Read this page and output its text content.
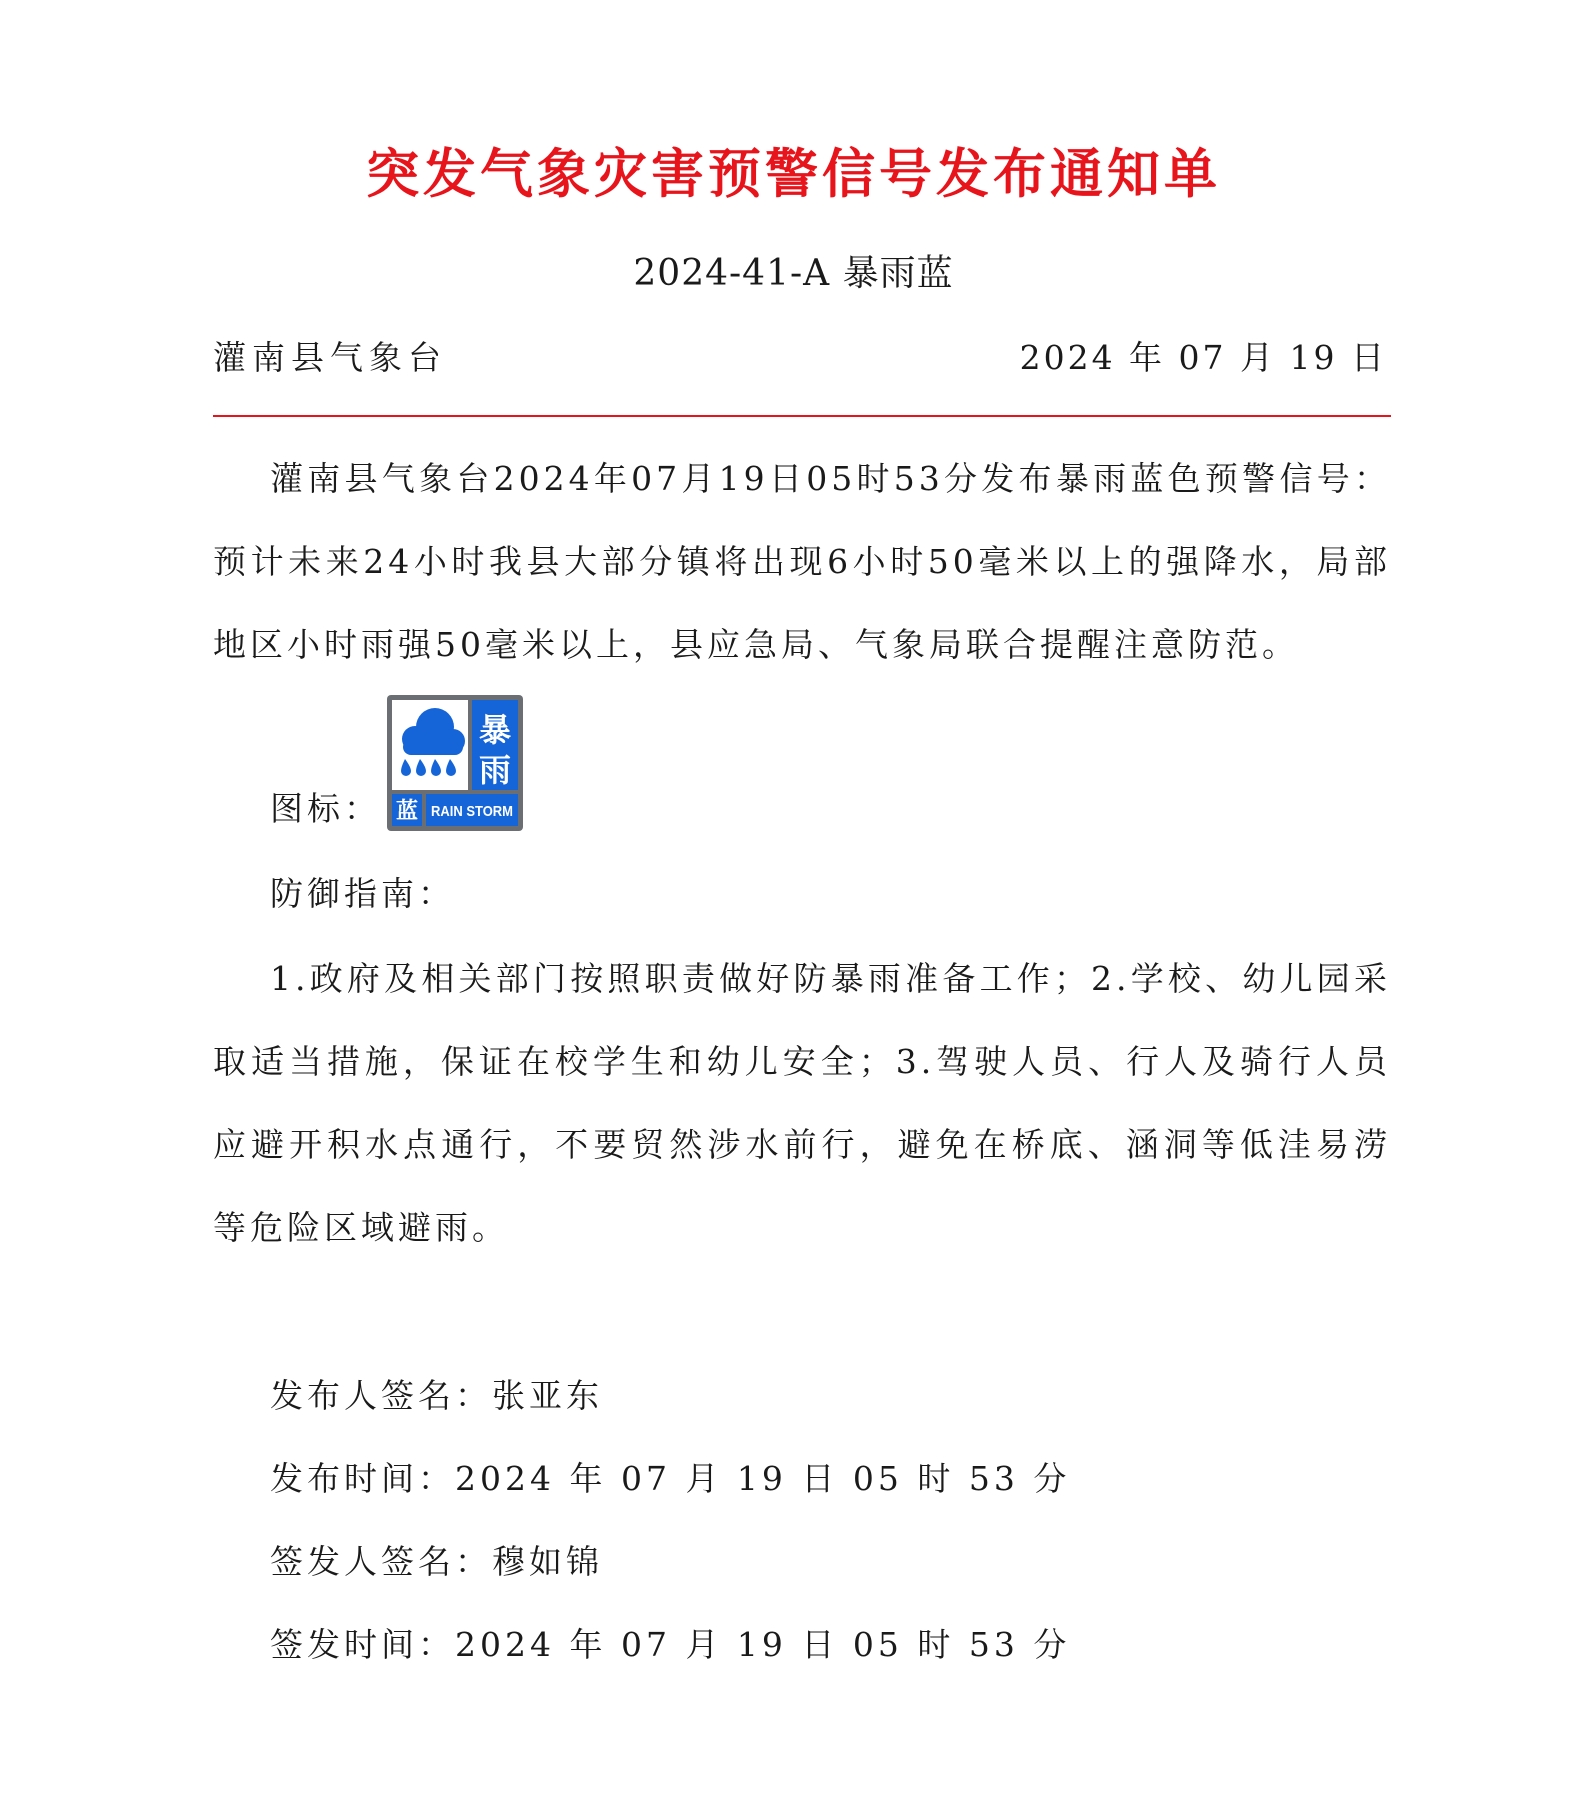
突发气象灾害预警信号发布通知单
2024-41-A 暴雨蓝
灌南县气象台	2024 年 07 月 19 日

灌南县气象台2024年07月19日05时53分发布暴雨蓝色预警信号：预计未来24小时我县大部分镇将出现6小时50毫米以上的强降水，局部地区小时雨强50毫米以上，县应急局、气象局联合提醒注意防范。

图标：
暴
雨
蓝 RAIN STORM
防御指南：

1.政府及相关部门按照职责做好防暴雨准备工作；2.学校、幼儿园采取适当措施，保证在校学生和幼儿安全；3.驾驶人员、行人及骑行人员应避开积水点通行，不要贸然涉水前行，避免在桥底、涵洞等低洼易涝等危险区域避雨。

发布人签名：张亚东
发布时间：2024 年 07 月 19 日 05 时 53 分
签发人签名：穆如锦
签发时间：2024 年 07 月 19 日 05 时 53 分
